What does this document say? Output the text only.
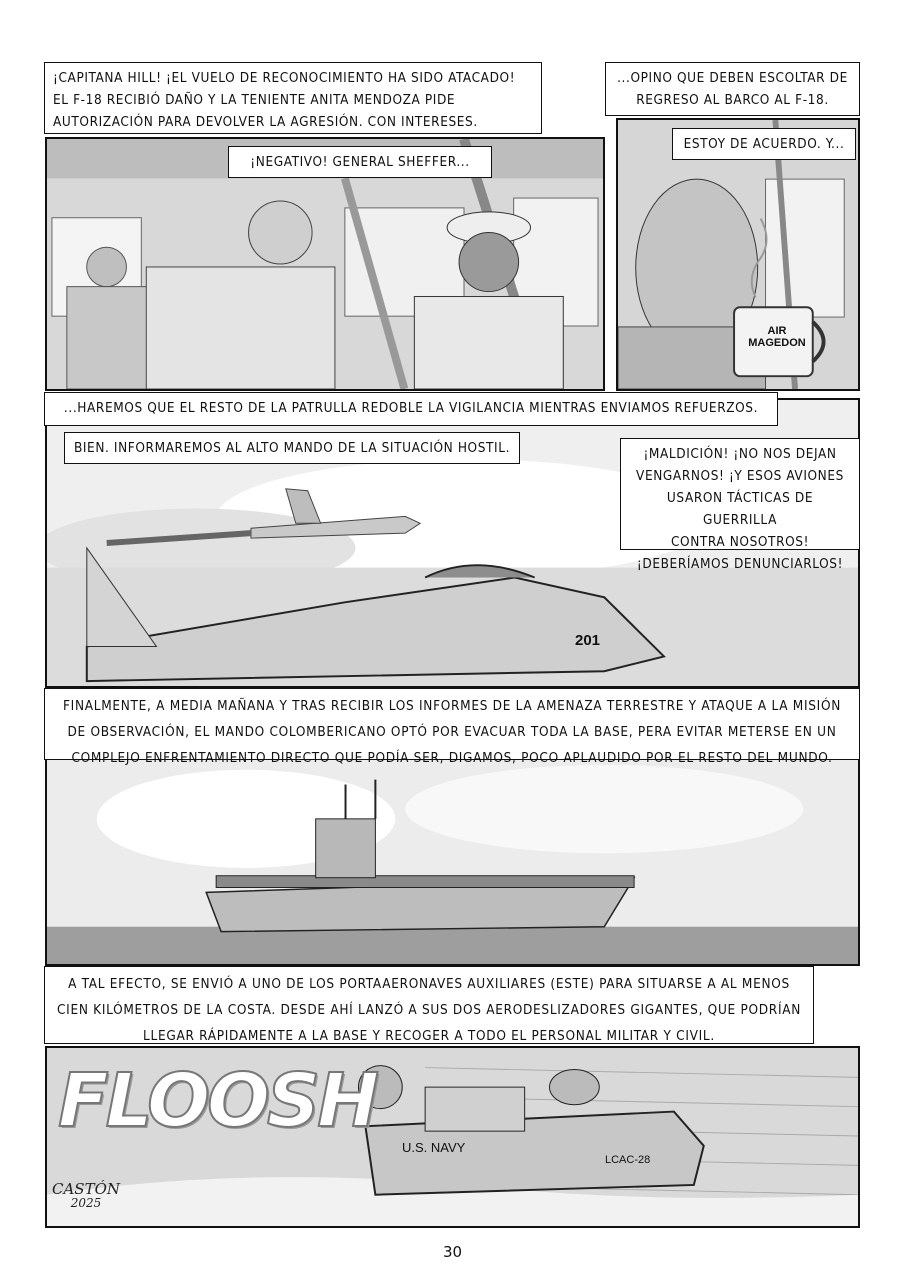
¡CAPITANA HILL! ¡EL VUELO DE RECONOCIMIENTO HA SIDO ATACADO!
EL F-18 RECIBIÓ DAÑO Y LA TENIENTE ANITA MENDOZA PIDE
AUTORIZACIÓN PARA DEVOLVER LA AGRESIÓN. CON INTERESES.
¡NEGATIVO! GENERAL SHEFFER...
...OPINO QUE DEBEN ESCOLTAR DE
REGRESO AL BARCO AL F-18.
AIR
MAGEDON
ESTOY DE ACUERDO. Y...
201
...HAREMOS QUE EL RESTO DE LA PATRULLA REDOBLE LA VIGILANCIA MIENTRAS ENVIAMOS REFUERZOS.
BIEN. INFORMAREMOS AL ALTO MANDO DE LA SITUACIÓN HOSTIL.	¡MALDICIÓN! ¡NO NOS DEJAN
VENGARNOS! ¡Y ESOS AVIONES
USARON TÁCTICAS DE GUERRILLA
CONTRA NOSOTROS!
¡DEBERÍAMOS DENUNCIARLOS!
FINALMENTE, A MEDIA MAÑANA Y TRAS RECIBIR LOS INFORMES DE LA AMENAZA TERRESTRE Y ATAQUE A LA MISIÓN
DE OBSERVACIÓN, EL MANDO COLOMBERICANO OPTÓ POR EVACUAR TODA LA BASE, PERA EVITAR METERSE EN UN
COMPLEJO ENFRENTAMIENTO DIRECTO QUE PODÍA SER, DIGAMOS, POCO APLAUDIDO POR EL RESTO DEL MUNDO.
A TAL EFECTO, SE ENVIÓ A UNO DE LOS PORTAAERONAVES AUXILIARES (ESTE) PARA SITUARSE A AL MENOS
CIEN KILÓMETROS DE LA COSTA. DESDE AHÍ LANZÓ A SUS DOS AERODESLIZADORES GIGANTES, QUE PODRÍAN
LLEGAR RÁPIDAMENTE A LA BASE Y RECOGER A TODO EL PERSONAL MILITAR Y CIVIL.
U.S. NAVY
LCAC-28
FLOOSH
CASTÓN
2025
30
